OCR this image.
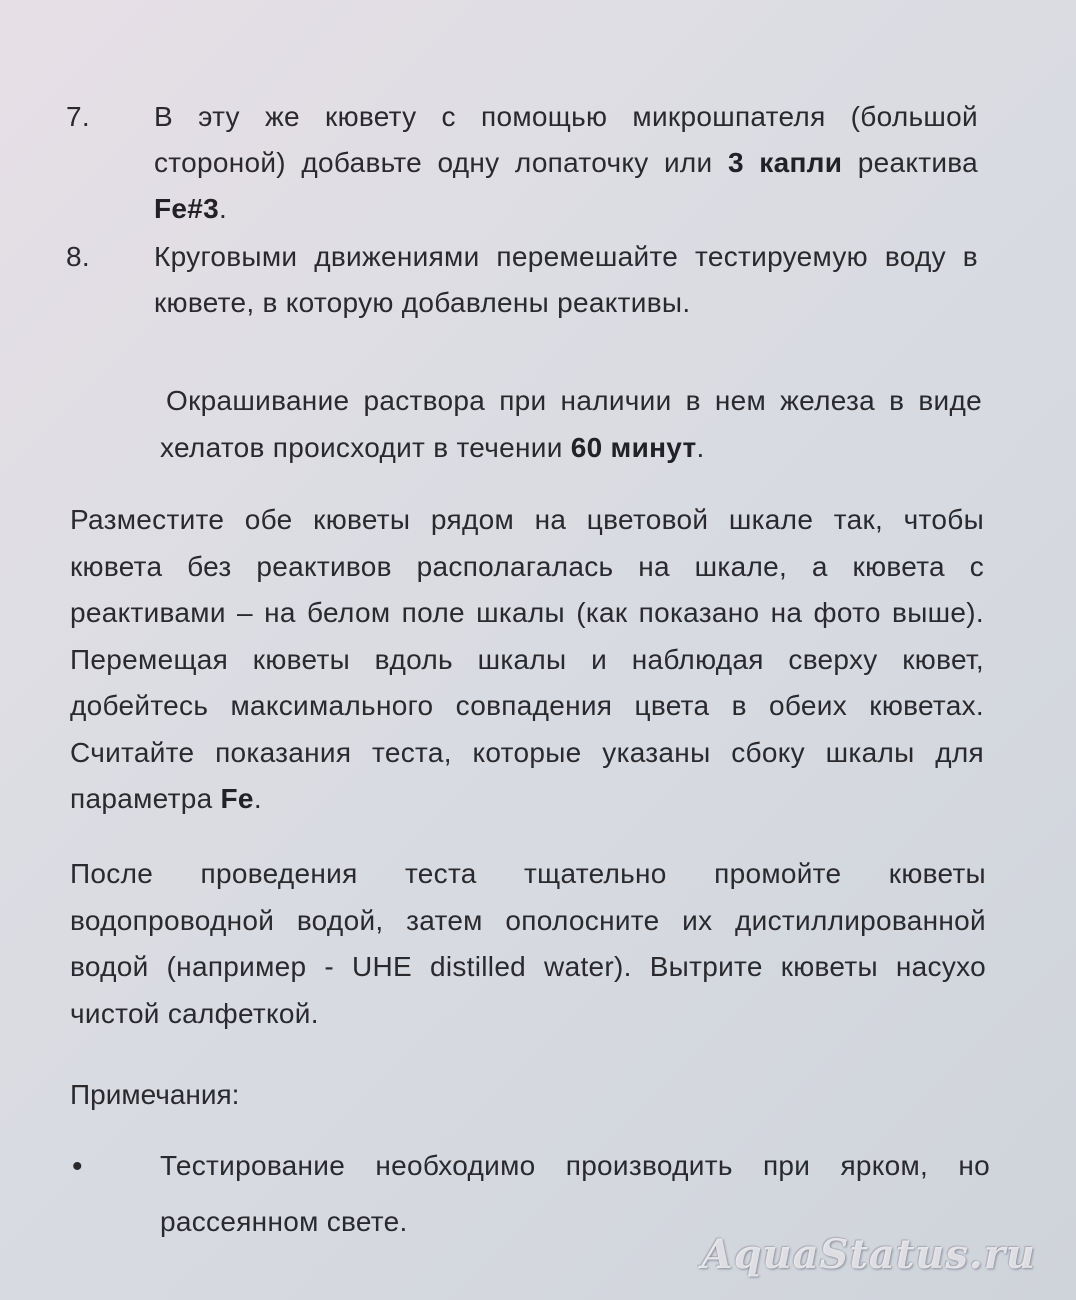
7.	В эту же кювету с помощью микрошпателя (большой стороной) добавьте одну лопаточку или 3 капли реактива Fe#3.
8.	Круговыми движениями перемешайте тестируемую воду в кювете, в которую добавлены реактивы.
Окрашивание раствора при наличии в нем железа в виде хелатов происходит в течении 60 минут.
Разместите обе кюветы рядом на цветовой шкале так, чтобы кювета без реактивов располагалась на шкале, а кювета с реактивами – на белом поле шкалы (как показано на фото выше). Перемещая кюветы вдоль шкалы и наблюдая сверху кювет, добейтесь максимального совпадения цвета в обеих кюветах. Считайте показания теста, которые указаны сбоку шкалы для параметра Fe.
После проведения теста тщательно промойте кюветы водопроводной водой, затем ополосните их дистиллированной водой (например - UHE distilled water). Вытрите кюветы насухо чистой салфеткой.
Примечания:
•	Тестирование необходимо производить при ярком, но рассеянном свете.
AquaStatus.ru
